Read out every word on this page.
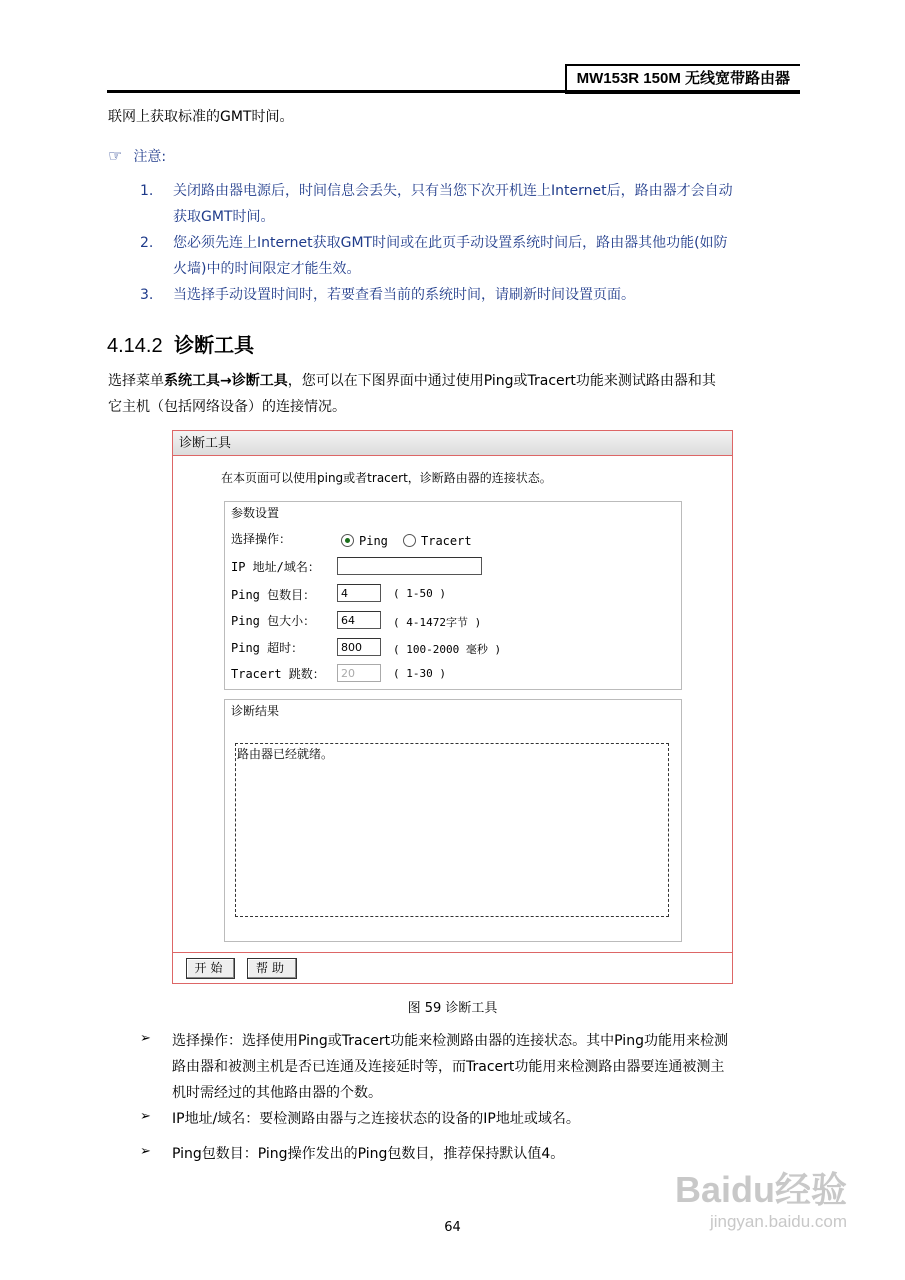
MW153R 150M 无线宽带路由器
联网上获取标准的GMT时间。
☞ 注意:
1. 关闭路由器电源后，时间信息会丢失，只有当您下次开机连上Internet后，路由器才会自动
获取GMT时间。
2. 您必须先连上Internet获取GMT时间或在此页手动设置系统时间后，路由器其他功能(如防
火墙)中的时间限定才能生效。
3. 当选择手动设置时间时，若要查看当前的系统时间，请刷新时间设置页面。
4.14.2 诊断工具
选择菜单系统工具→诊断工具，您可以在下图界面中通过使用Ping或Tracert功能来测试路由器和其
它主机（包括网络设备）的连接情况。
诊断工具
在本页面可以使用ping或者tracert，诊断路由器的连接状态。
参数设置
选择操作：	Ping	Tracert
IP 地址/域名：
Ping 包数目：	4	( 1-50 )
Ping 包大小：	64	( 4-1472字节 )
Ping 超时：	800	( 100-2000 毫秒 )
Tracert 跳数：	20	( 1-30 )
诊断结果
路由器已经就绪。
开始	帮助
图 59 诊断工具
➢ 选择操作：选择使用Ping或Tracert功能来检测路由器的连接状态。其中Ping功能用来检测
路由器和被测主机是否已连通及连接延时等，而Tracert功能用来检测路由器要连通被测主
机时需经过的其他路由器的个数。
➢ IP地址/域名：要检测路由器与之连接状态的设备的IP地址或域名。
➢ Ping包数目：Ping操作发出的Ping包数目，推荐保持默认值4。
64
Baidu经验
jingyan.baidu.com
